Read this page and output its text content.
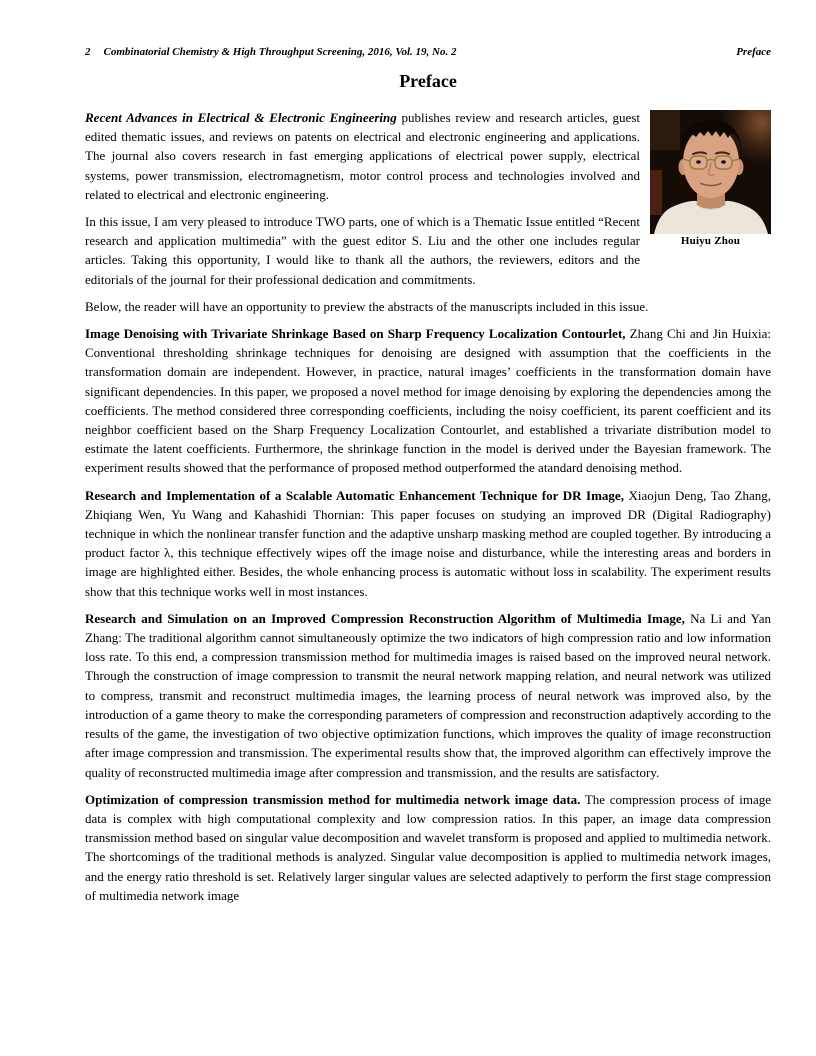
2 Combinatorial Chemistry & High Throughput Screening, 2016, Vol. 19, No. 2	Preface
Preface
Huiyu Zhou

Recent Advances in Electrical & Electronic Engineering publishes review and research articles, guest edited thematic issues, and reviews on patents on electrical and electronic engineering and applications. The journal also covers research in fast emerging applications of electrical power supply, electrical systems, power transmission, electromagnetism, motor control process and technologies involved and related to electrical and electronic engineering.

In this issue, I am very pleased to introduce TWO parts, one of which is a Thematic Issue entitled “Recent research and application multimedia” with the guest editor S. Liu and the other one includes regular articles. Taking this opportunity, I would like to thank all the authors, the reviewers, editors and the editorials of the journal for their professional dedication and commitments.

Below, the reader will have an opportunity to preview the abstracts of the manuscripts included in this issue.

Image Denoising with Trivariate Shrinkage Based on Sharp Frequency Localization Contourlet, Zhang Chi and Jin Huixia: Conventional thresholding shrinkage techniques for denoising are designed with assumption that the coefficients in the transformation domain are independent. However, in practice, natural images’ coefficients in the transformation domain have significant dependencies. In this paper, we proposed a novel method for image denoising by exploring the dependencies among the coefficients. The method considered three corresponding coefficients, including the noisy coefficient, its parent coefficient and its neighbor coefficient based on the Sharp Frequency Localization Contourlet, and established a trivariate distribution model to estimate the latent coefficients. Furthermore, the shrinkage function in the model is derived under the Bayesian framework. The experiment results showed that the performance of proposed method outperformed the atandard denoising method.

Research and Implementation of a Scalable Automatic Enhancement Technique for DR Image, Xiaojun Deng, Tao Zhang, Zhiqiang Wen, Yu Wang and Kahashidi Thornian: This paper focuses on studying an improved DR (Digital Radiography) technique in which the nonlinear transfer function and the adaptive unsharp masking method are coupled together. By introducing a product factor λ, this technique effectively wipes off the image noise and disturbance, while the interesting areas and borders in image are highlighted either. Besides, the whole enhancing process is automatic without loss in scalability. The experiment results show that this technique works well in most instances.

Research and Simulation on an Improved Compression Reconstruction Algorithm of Multimedia Image, Na Li and Yan Zhang: The traditional algorithm cannot simultaneously optimize the two indicators of high compression ratio and low information loss rate. To this end, a compression transmission method for multimedia images is raised based on the improved neural network. Through the construction of image compression to transmit the neural network mapping relation, and neural network was utilized to compress, transmit and reconstruct multimedia images, the learning process of neural network was improved also, by the introduction of a game theory to make the corresponding parameters of compression and reconstruction adaptively according to the results of the game, the investigation of two objective optimization functions, which improves the quality of image reconstruction after image compression and transmission. The experimental results show that, the improved algorithm can effectively improve the quality of reconstructed multimedia image after compression and transmission, and the results are satisfactory.

Optimization of compression transmission method for multimedia network image data. The compression process of image data is complex with high computational complexity and low compression ratios. In this paper, an image data compression transmission method based on singular value decomposition and wavelet transform is proposed and applied to multimedia network. The shortcomings of the traditional methods is analyzed. Singular value decomposition is applied to multimedia network images, and the energy ratio threshold is set. Relatively larger singular values are selected adaptively to perform the first stage compression of multimedia network image
